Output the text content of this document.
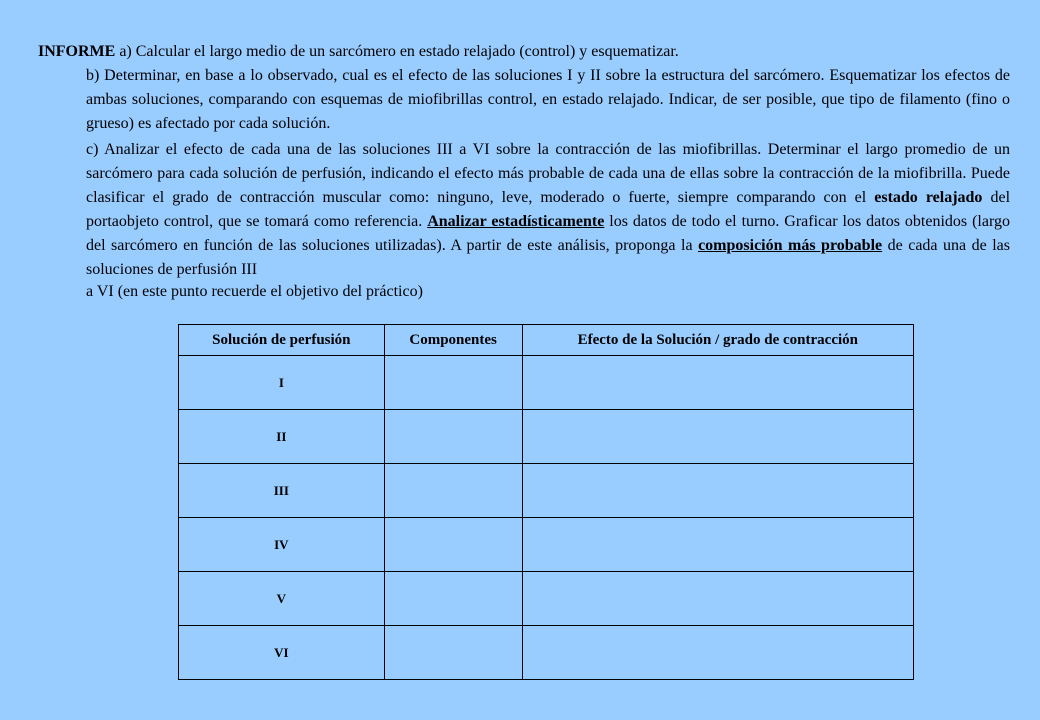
INFORME a) Calcular el largo medio de un sarcómero en estado relajado (control) y esquematizar.

b) Determinar, en base a lo observado, cual es el efecto de las soluciones I y II sobre la estructura del sarcómero. Esquematizar los efectos de ambas soluciones, comparando con esquemas de miofibrillas control, en estado relajado. Indicar, de ser posible, que tipo de filamento (fino o grueso) es afectado por cada solución.

c) Analizar el efecto de cada una de las soluciones III a VI sobre la contracción de las miofibrillas. Determinar el largo promedio de un sarcómero para cada solución de perfusión, indicando el efecto más probable de cada una de ellas sobre la contracción de la miofibrilla. Puede clasificar el grado de contracción muscular como: ninguno, leve, moderado o fuerte, siempre comparando con el estado relajado del portaobjeto control, que se tomará como referencia. Analizar estadísticamente los datos de todo el turno. Graficar los datos obtenidos (largo del sarcómero en función de las soluciones utilizadas). A partir de este análisis, proponga la composición más probable de cada una de las soluciones de perfusión III

a VI (en este punto recuerde el objetivo del práctico)

Solución de perfusión	Componentes	Efecto de la Solución / grado de contracción
I		
II		
III		
IV		
V		
VI		
